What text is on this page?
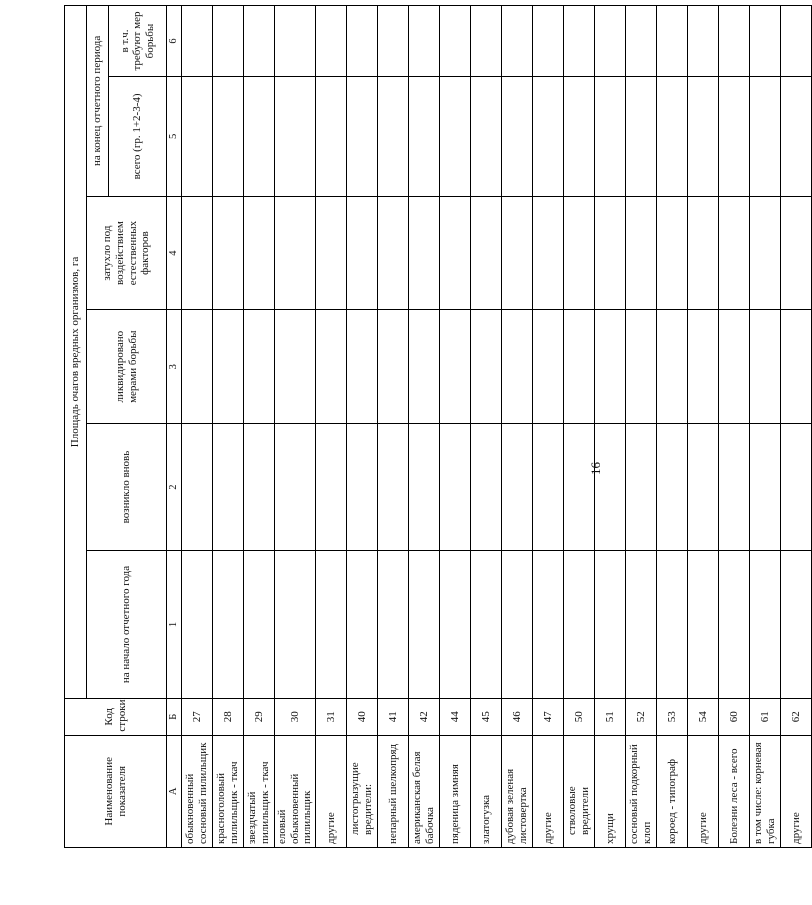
Наименование показателя	Код строки	Площадь очагов вредных организмов, га					
		на начало отчетного года	возникло вновь	ликвидировано мерами борьбы	затухло под воздействием естественных факторов	на конец отчетного периода	
						всего (гр. 1+2-3-4)	в т.ч. требуют мер борьбы
А	Б	1	2	3	4	5	6
обыкновенный сосновый пилильщик	27						
красноголовый пилильщик - ткач	28						
звездчатый пилильщик - ткач	29						
еловый обыкновенный пилильщик	30						
другие	31						
листогрызущие вредители:	40						
непарный шелкопряд	41						
американская белая бабочка	42						
пяденица зимняя	44						
златогузка	45						
дубовая зеленая листовертка	46						
другие	47						
стволовые вредители	50						
хрущи	51						
сосновый подкорный клоп	52						
короед - типограф	53						
другие	54						
Болезни леса - всего	60						
в том числе: корневая губка	61						
другие	62						
16
